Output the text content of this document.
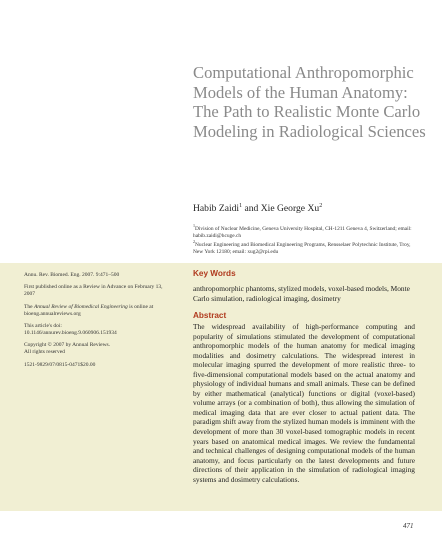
Computational Anthropomorphic Models of the Human Anatomy: The Path to Realistic Monte Carlo Modeling in Radiological Sciences
Habib Zaidi$^1$ and Xie George Xu$^2$
$^1$Division of Nuclear Medicine, Geneva University Hospital, CH-1211 Geneva 4, Switzerland; email: habib.zaidi@hcuge.ch
$^2$Nuclear Engineering and Biomedical Engineering Programs, Rensselaer Polytechnic Institute, Troy, New York 12180; email: xug2@rpi.edu

Annu. Rev. Biomed. Eng. 2007. 9:471–500

First published online as a Review in Advance on February 13, 2007

The Annual Review of Biomedical Engineering is online at bioeng.annualreviews.org

This article's doi:
10.1146/annurev.bioeng.9.060906.151934

Copyright © 2007 by Annual Reviews.
All rights reserved

1521-9829/07/0815-0471$20.00

Key Words
anthropomorphic phantoms, stylized models, voxel-based models, Monte Carlo simulation, radiological imaging, dosimetry
Abstract
The widespread availability of high-performance computing and popularity of simulations stimulated the development of computational anthropomorphic models of the human anatomy for medical imaging modalities and dosimetry calculations. The widespread interest in molecular imaging spurred the development of more realistic three- to five-dimensional computational models based on the actual anatomy and physiology of individual humans and small animals. These can be defined by either mathematical (analytical) functions or digital (voxel-based) volume arrays (or a combination of both), thus allowing the simulation of medical imaging data that are ever closer to actual patient data. The paradigm shift away from the stylized human models is imminent with the development of more than 30 voxel-based tomographic models in recent years based on anatomical medical images. We review the fundamental and technical challenges of designing computational models of the human anatomy, and focus particularly on the latest developments and future directions of their application in the simulation of radiological imaging systems and dosimetry calculations.
471
